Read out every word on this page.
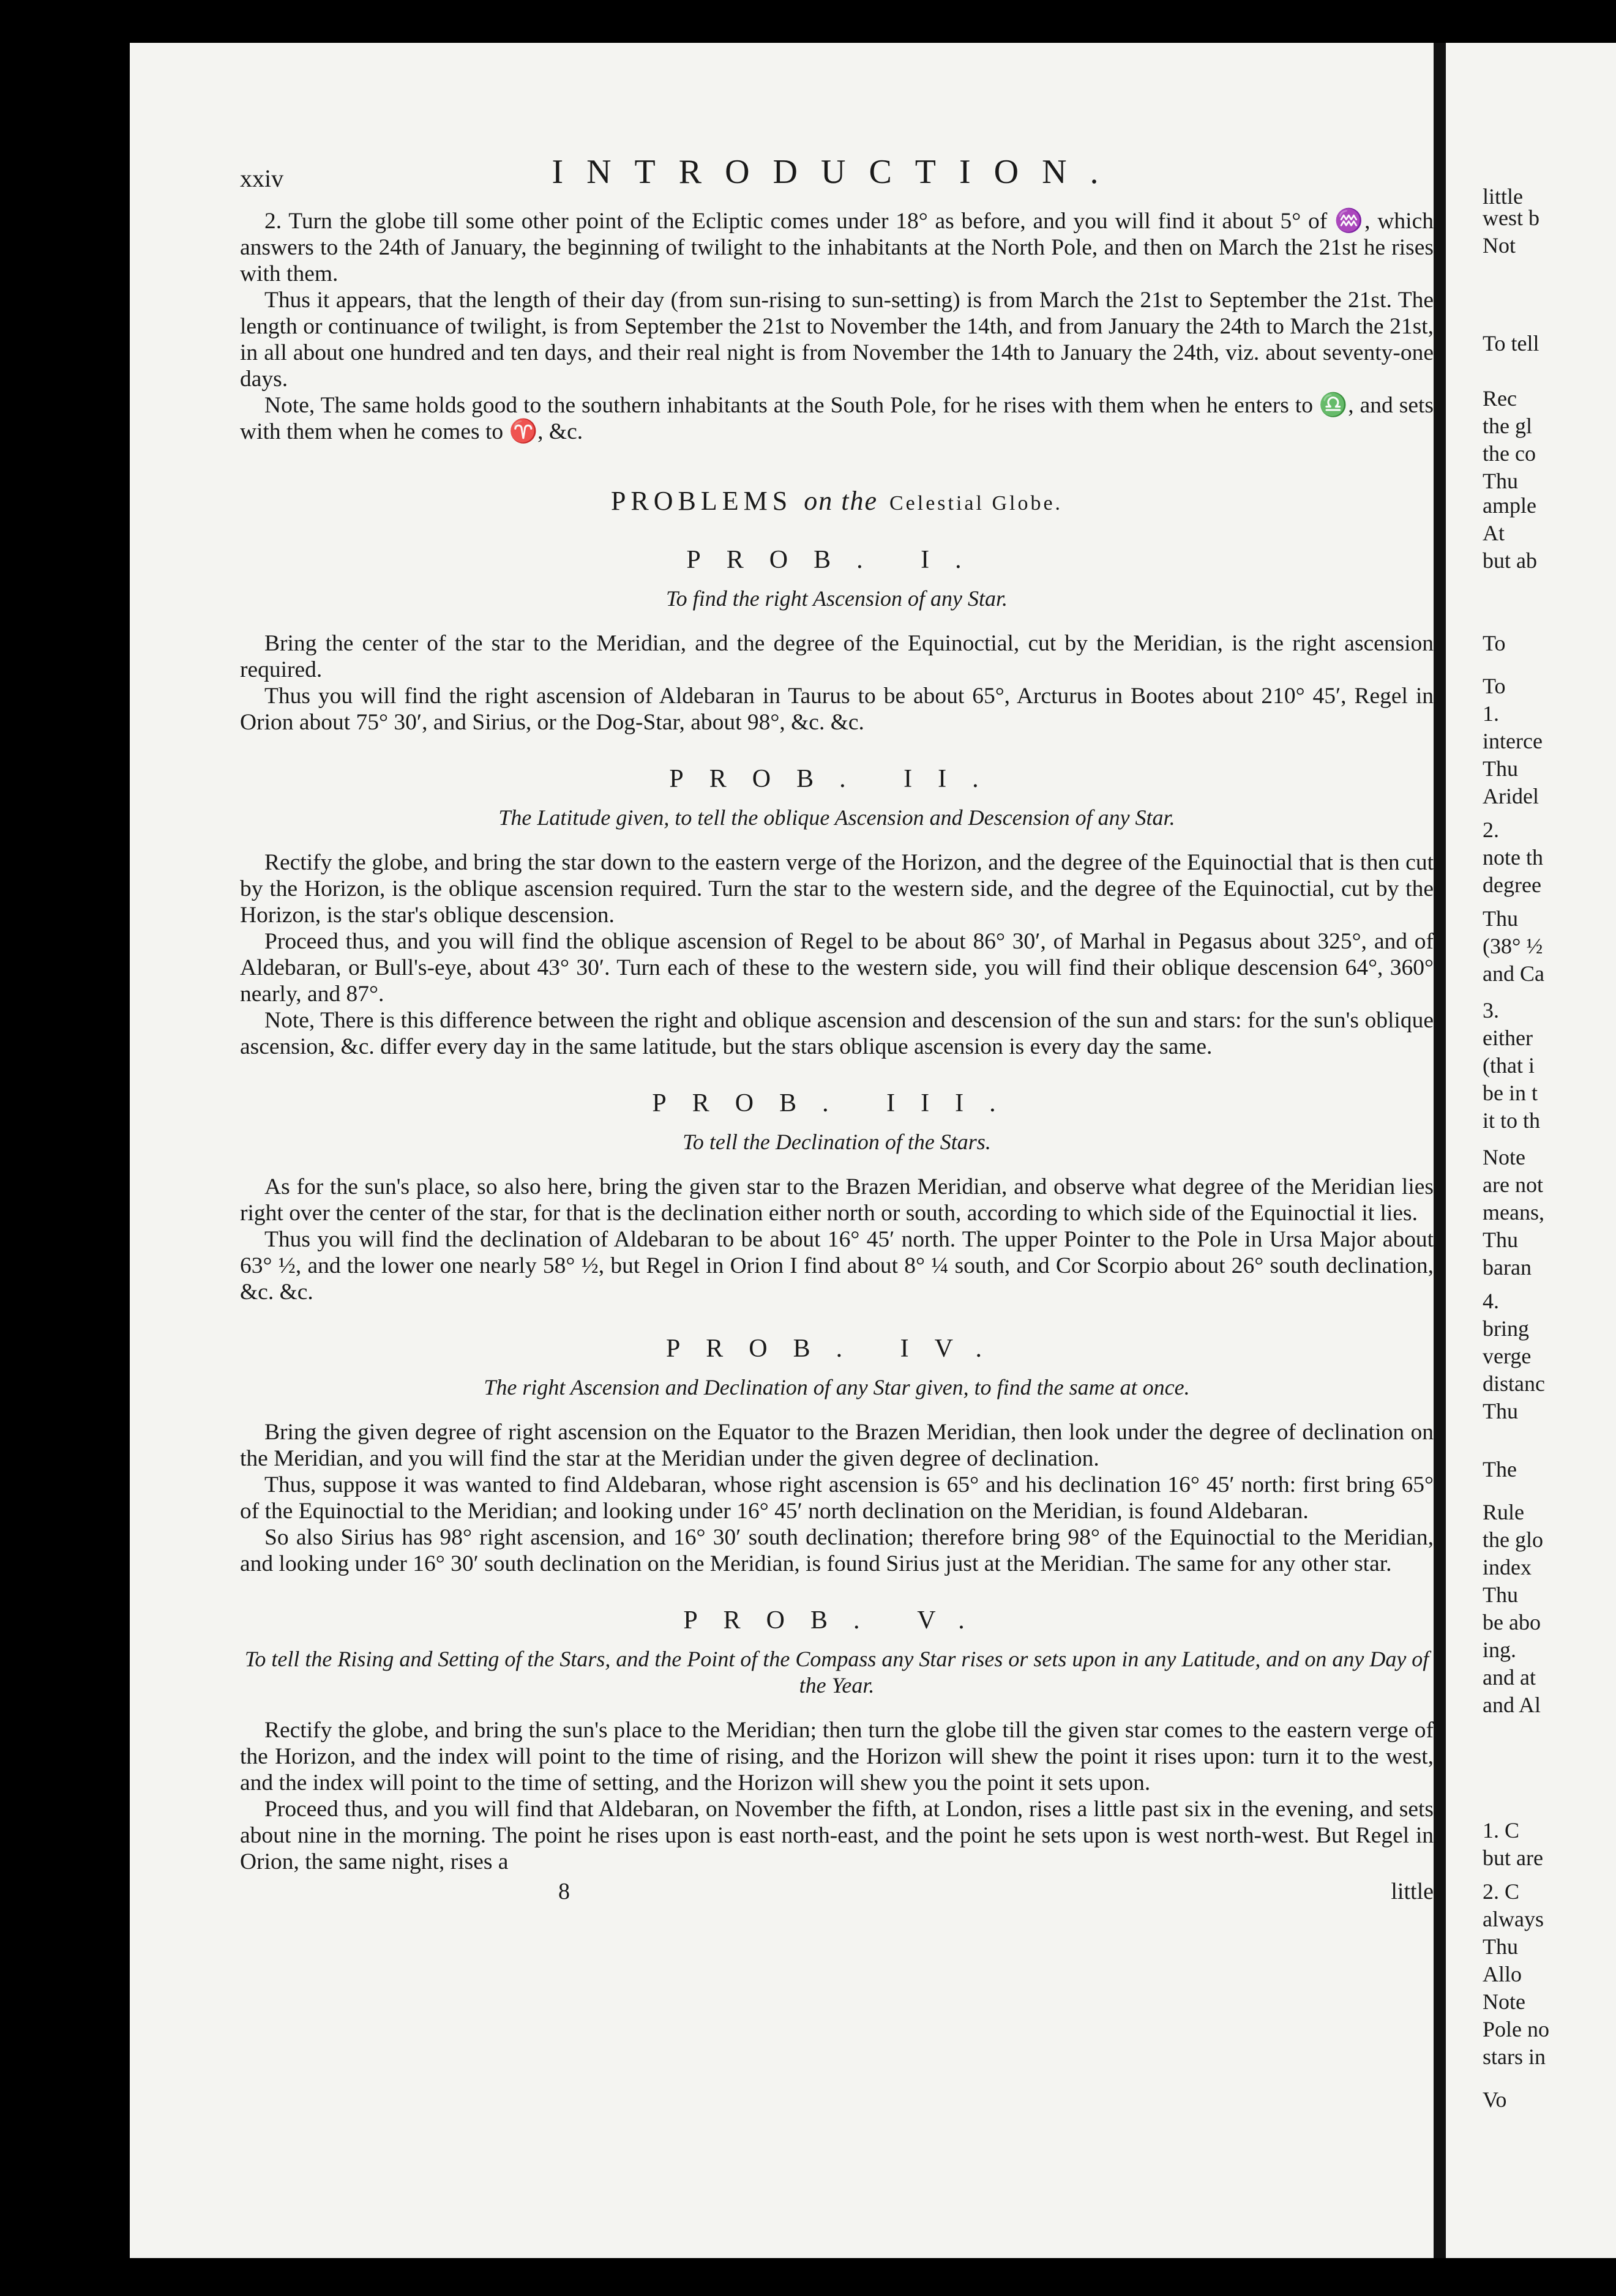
xxiv	INTRODUCTION.

2. Turn the globe till some other point of the Ecliptic comes under 18° as before, and you will find it about 5° of ♒, which answers to the 24th of January, the beginning of twilight to the inhabitants at the North Pole, and then on March the 21st he rises with them.

Thus it appears, that the length of their day (from sun-rising to sun-setting) is from March the 21st to September the 21st. The length or continuance of twilight, is from September the 21st to November the 14th, and from January the 24th to March the 21st, in all about one hundred and ten days, and their real night is from November the 14th to January the 24th, viz. about seventy-one days.

Note, The same holds good to the southern inhabitants at the South Pole, for he rises with them when he enters to ♎, and sets with them when he comes to ♈, &c.

PROBLEMS on the Celestial Globe.
PROB. I.
To find the right Ascension of any Star.

Bring the center of the star to the Meridian, and the degree of the Equinoctial, cut by the Meridian, is the right ascension required.

Thus you will find the right ascension of Aldebaran in Taurus to be about 65°, Arcturus in Bootes about 210° 45′, Regel in Orion about 75° 30′, and Sirius, or the Dog-Star, about 98°, &c. &c.

PROB. II.
The Latitude given, to tell the oblique Ascension and Descension of any Star.

Rectify the globe, and bring the star down to the eastern verge of the Horizon, and the degree of the Equinoctial that is then cut by the Horizon, is the oblique ascension required. Turn the star to the western side, and the degree of the Equinoctial, cut by the Horizon, is the star's oblique descension.

Proceed thus, and you will find the oblique ascension of Regel to be about 86° 30′, of Marhal in Pegasus about 325°, and of Aldebaran, or Bull's-eye, about 43° 30′. Turn each of these to the western side, you will find their oblique descension 64°, 360° nearly, and 87°.

Note, There is this difference between the right and oblique ascension and descension of the sun and stars: for the sun's oblique ascension, &c. differ every day in the same latitude, but the stars oblique ascension is every day the same.

PROB. III.
To tell the Declination of the Stars.

As for the sun's place, so also here, bring the given star to the Brazen Meridian, and observe what degree of the Meridian lies right over the center of the star, for that is the declination either north or south, according to which side of the Equinoctial it lies.

Thus you will find the declination of Aldebaran to be about 16° 45′ north. The upper Pointer to the Pole in Ursa Major about 63° ½, and the lower one nearly 58° ½, but Regel in Orion I find about 8° ¼ south, and Cor Scorpio about 26° south declination, &c. &c.

PROB. IV.
The right Ascension and Declination of any Star given, to find the same at once.

Bring the given degree of right ascension on the Equator to the Brazen Meridian, then look under the degree of declination on the Meridian, and you will find the star at the Meridian under the given degree of declination.

Thus, suppose it was wanted to find Aldebaran, whose right ascension is 65° and his declination 16° 45′ north: first bring 65° of the Equinoctial to the Meridian; and looking under 16° 45′ north declination on the Meridian, is found Aldebaran.

So also Sirius has 98° right ascension, and 16° 30′ south declination; therefore bring 98° of the Equinoctial to the Meridian, and looking under 16° 30′ south declination on the Meridian, is found Sirius just at the Meridian. The same for any other star.

PROB. V.
To tell the Rising and Setting of the Stars, and the Point of the Compass any Star rises or sets upon in any Latitude, and on any Day of the Year.

Rectify the globe, and bring the sun's place to the Meridian; then turn the globe till the given star comes to the eastern verge of the Horizon, and the index will point to the time of rising, and the Horizon will shew the point it rises upon: turn it to the west, and the index will point to the time of setting, and the Horizon will shew you the point it sets upon.

Proceed thus, and you will find that Aldebaran, on November the fifth, at London, rises a little past six in the evening, and sets about nine in the morning. The point he rises upon is east north-east, and the point he sets upon is west north-west. But Regel in Orion, the same night, rises a

8	little
little
west b
Not
To tell
Rec
the gl
the co
Thu
ample
At
but ab
To
To
1.
interce
Thu
Aridel
2.
note th
degree
Thu
(38° ½
and Ca
3.
either
(that i
be in t
it to th
Note
are not
means,
Thu
baran
4.
bring
verge
distanc
Thu
The
Rule
the glo
index
Thu
be abo
ing.
and at
and Al
1. C
but are
2. C
always
Thu
Allo
Note
Pole no
stars in
Vo
